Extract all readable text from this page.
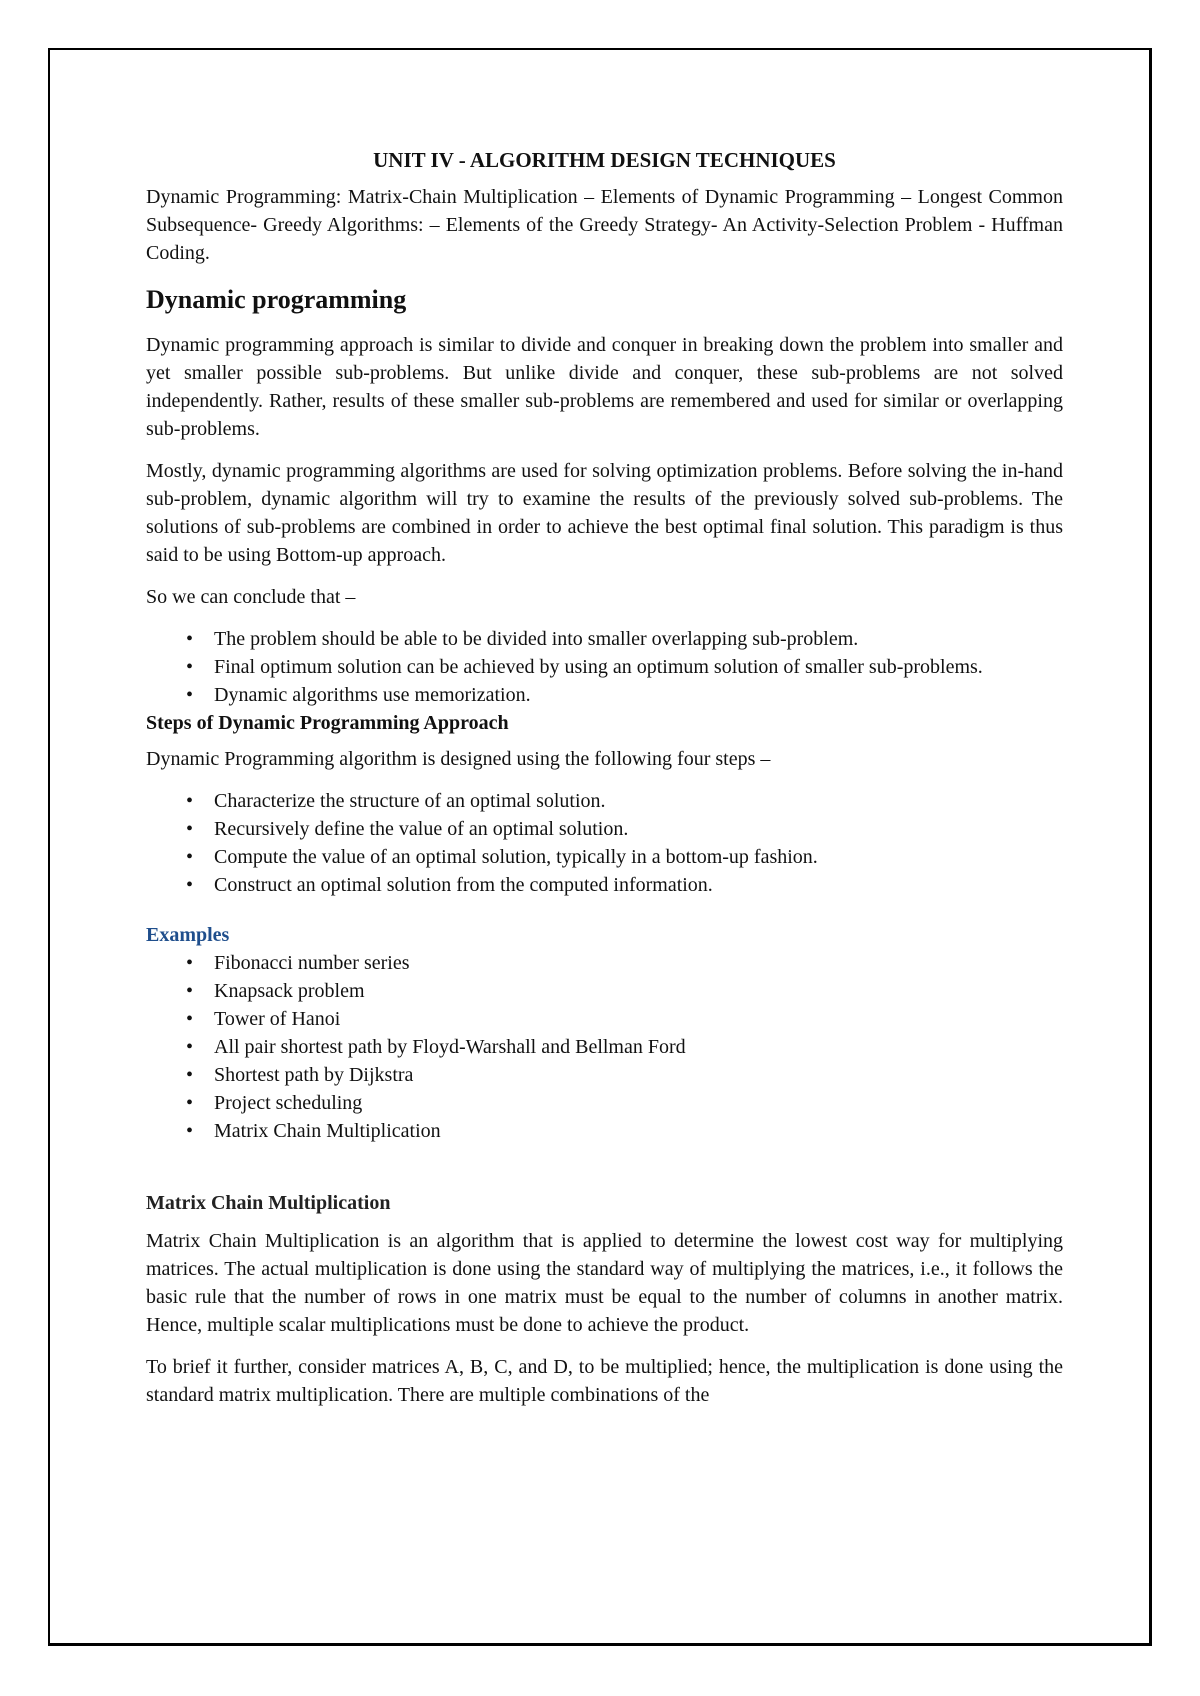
UNIT IV - ALGORITHM DESIGN TECHNIQUES

Dynamic Programming: Matrix-Chain Multiplication – Elements of Dynamic Programming – Longest Common Subsequence- Greedy Algorithms: – Elements of the Greedy Strategy- An Activity-Selection Problem - Huffman Coding.

Dynamic programming

Dynamic programming approach is similar to divide and conquer in breaking down the problem into smaller and yet smaller possible sub-problems. But unlike divide and conquer, these sub-problems are not solved independently. Rather, results of these smaller sub-problems are remembered and used for similar or overlapping sub-problems.

Mostly, dynamic programming algorithms are used for solving optimization problems. Before solving the in-hand sub-problem, dynamic algorithm will try to examine the results of the previously solved sub-problems. The solutions of sub-problems are combined in order to achieve the best optimal final solution. This paradigm is thus said to be using Bottom-up approach.

So we can conclude that –

• The problem should be able to be divided into smaller overlapping sub-problem.
• Final optimum solution can be achieved by using an optimum solution of smaller sub-problems.
• Dynamic algorithms use memorization.
Steps of Dynamic Programming Approach

Dynamic Programming algorithm is designed using the following four steps –

• Characterize the structure of an optimal solution.
• Recursively define the value of an optimal solution.
• Compute the value of an optimal solution, typically in a bottom-up fashion.
• Construct an optimal solution from the computed information.
Examples
• Fibonacci number series
• Knapsack problem
• Tower of Hanoi
• All pair shortest path by Floyd-Warshall and Bellman Ford
• Shortest path by Dijkstra
• Project scheduling
• Matrix Chain Multiplication
Matrix Chain Multiplication

Matrix Chain Multiplication is an algorithm that is applied to determine the lowest cost way for multiplying matrices. The actual multiplication is done using the standard way of multiplying the matrices, i.e., it follows the basic rule that the number of rows in one matrix must be equal to the number of columns in another matrix. Hence, multiple scalar multiplications must be done to achieve the product.

To brief it further, consider matrices A, B, C, and D, to be multiplied; hence, the multiplication is done using the standard matrix multiplication. There are multiple combinations of the
